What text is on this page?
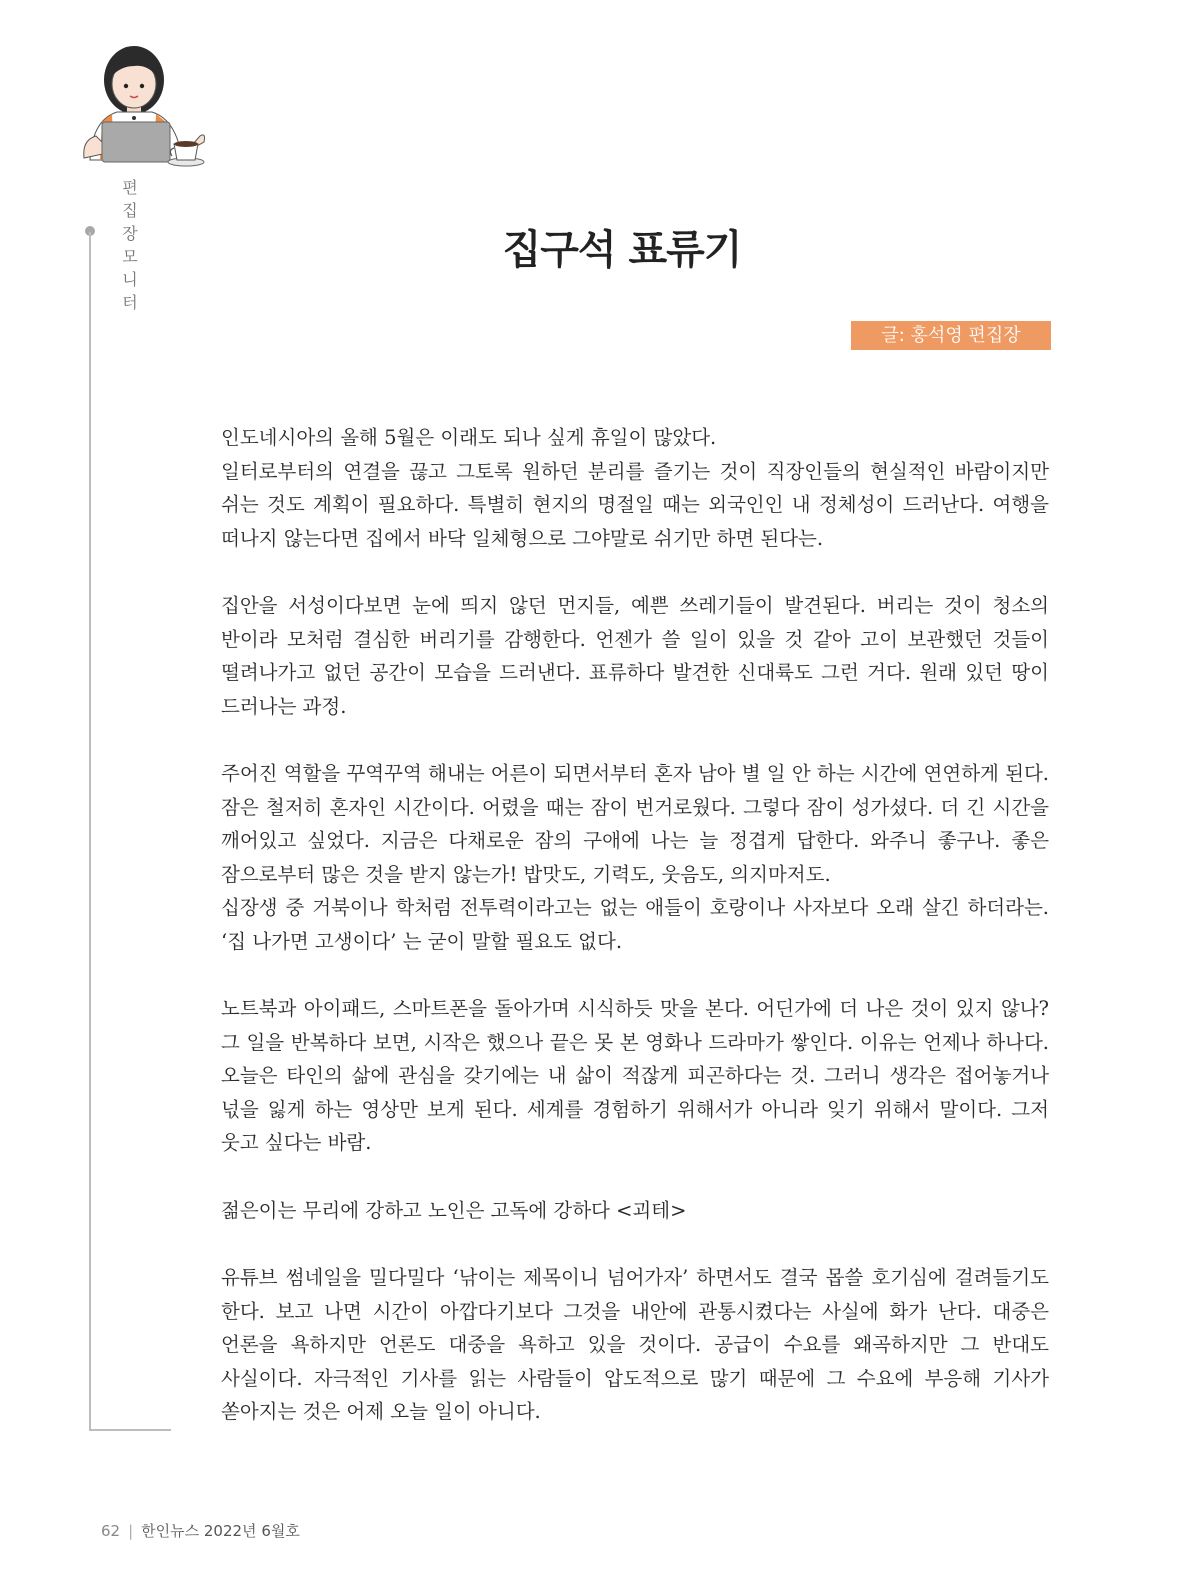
편집장모니터
집구석 표류기
글: 홍석영 편집장

인도네시아의 올해 5월은 이래도 되나 싶게 휴일이 많았다.
일터로부터의 연결을 끊고 그토록 원하던 분리를 즐기는 것이 직장인들의 현실적인 바람이지만 쉬는 것도 계획이 필요하다. 특별히 현지의 명절일 때는 외국인인 내 정체성이 드러난다. 여행을 떠나지 않는다면 집에서 바닥 일체형으로 그야말로 쉬기만 하면 된다는.

집안을 서성이다보면 눈에 띄지 않던 먼지들, 예쁜 쓰레기들이 발견된다. 버리는 것이 청소의 반이라 모처럼 결심한 버리기를 감행한다. 언젠가 쓸 일이 있을 것 같아 고이 보관했던 것들이 떨려나가고 없던 공간이 모습을 드러낸다. 표류하다 발견한 신대륙도 그런 거다. 원래 있던 땅이 드러나는 과정.

주어진 역할을 꾸역꾸역 해내는 어른이 되면서부터 혼자 남아 별 일 안 하는 시간에 연연하게 된다. 잠은 철저히 혼자인 시간이다. 어렸을 때는 잠이 번거로웠다. 그렇다 잠이 성가셨다. 더 긴 시간을 깨어있고 싶었다. 지금은 다채로운 잠의 구애에 나는 늘 정겹게 답한다. 와주니 좋구나. 좋은 잠으로부터 많은 것을 받지 않는가! 밥맛도, 기력도, 웃음도, 의지마저도.
십장생 중 거북이나 학처럼 전투력이라고는 없는 애들이 호랑이나 사자보다 오래 살긴 하더라는. ‘집 나가면 고생이다’ 는 굳이 말할 필요도 없다.

노트북과 아이패드, 스마트폰을 돌아가며 시식하듯 맛을 본다. 어딘가에 더 나은 것이 있지 않나? 그 일을 반복하다 보면, 시작은 했으나 끝은 못 본 영화나 드라마가 쌓인다. 이유는 언제나 하나다. 오늘은 타인의 삶에 관심을 갖기에는 내 삶이 적잖게 피곤하다는 것. 그러니 생각은 접어놓거나 넋을 잃게 하는 영상만 보게 된다. 세계를 경험하기 위해서가 아니라 잊기 위해서 말이다. 그저 웃고 싶다는 바람.

젊은이는 무리에 강하고 노인은 고독에 강하다 <괴테>

유튜브 썸네일을 밀다밀다 ‘낚이는 제목이니 넘어가자’ 하면서도 결국 몹쓸 호기심에 걸려들기도 한다. 보고 나면 시간이 아깝다기보다 그것을 내안에 관통시켰다는 사실에 화가 난다. 대중은 언론을 욕하지만 언론도 대중을 욕하고 있을 것이다. 공급이 수요를 왜곡하지만 그 반대도 사실이다. 자극적인 기사를 읽는 사람들이 압도적으로 많기 때문에 그 수요에 부응해 기사가 쏟아지는 것은 어제 오늘 일이 아니다.

62 | 한인뉴스 2022년 6월호
